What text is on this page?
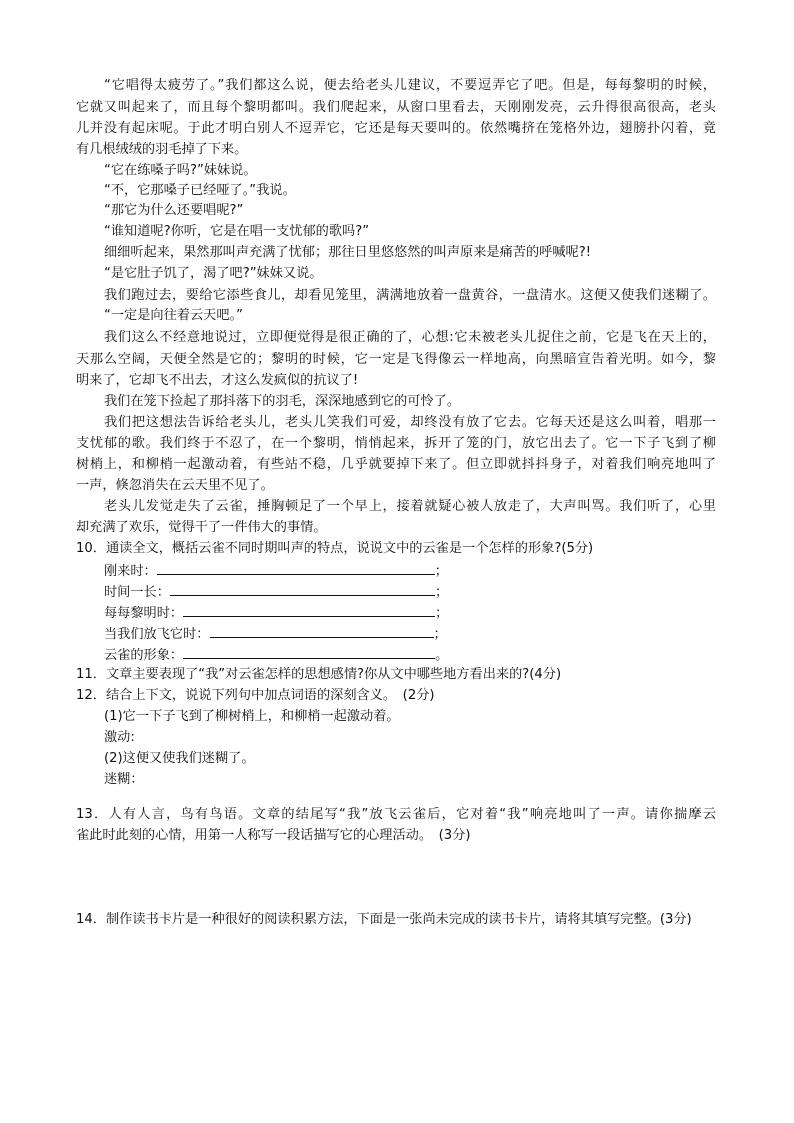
“它唱得太疲劳了。”我们都这么说，便去给老头儿建议，不要逗弄它了吧。但是，每每黎明的时候，
它就又叫起来了，而且每个黎明都叫。我们爬起来，从窗口里看去，天刚刚发亮，云升得很高很高，老头
儿并没有起床呢。于此才明白别人不逗弄它，它还是每天要叫的。依然嘴挤在笼格外边，翅膀扑闪着，竟
有几根绒绒的羽毛掉了下来。
“它在练嗓子吗?”妹妹说。
“不，它那嗓子已经哑了。”我说。
“那它为什么还要唱呢?”
“谁知道呢?你听，它是在唱一支忧郁的歌吗?”
细细听起来，果然那叫声充满了忧郁；那往日里悠悠然的叫声原来是痛苦的呼喊呢?!
“是它肚子饥了，渴了吧?”妹妹又说。
我们跑过去，要给它添些食儿，却看见笼里，满满地放着一盘黄谷，一盘清水。这便又使我们迷糊了。
“一定是向往着云天吧。”
我们这么不经意地说过，立即便觉得是很正确的了，心想:它未被老头儿捉住之前，它是飞在天上的，
天那么空阔，天便全然是它的；黎明的时候，它一定是飞得像云一样地高，向黑暗宣告着光明。如今，黎
明来了，它却飞不出去，才这么发疯似的抗议了!
我们在笼下捡起了那抖落下的羽毛，深深地感到它的可怜了。
我们把这想法告诉给老头儿，老头儿笑我们可爱，却终没有放了它去。它每天还是这么叫着，唱那一
支忧郁的歌。我们终于不忍了，在一个黎明，悄悄起来，拆开了笼的门，放它出去了。它一下子飞到了柳
树梢上，和柳梢一起激动着，有些站不稳，几乎就要掉下来了。但立即就抖抖身子，对着我们响亮地叫了
一声，倏忽消失在云天里不见了。
老头儿发觉走失了云雀，捶胸顿足了一个早上，接着就疑心被人放走了，大声叫骂。我们听了，心里
却充满了欢乐，觉得干了一件伟大的事情。
10．通读全文，概括云雀不同时期叫声的特点，说说文中的云雀是一个怎样的形象?(5分)
刚来时：	；
时间一长：	；
每每黎明时：	；
当我们放飞它时：	；
云雀的形象：	。
11．文章主要表现了“我”对云雀怎样的思想感情?你从文中哪些地方看出来的?(4分)
12．结合上下文，说说下列句中加点词语的深刻含义。　(2分)
(1)它一下子飞到了柳树梢上，和柳梢一起激动着。
激动:
(2)这便又使我们迷糊了。
迷糊：
13．人有人言，鸟有鸟语。文章的结尾写“我”放飞云雀后，它对着“我”响亮地叫了一声。请你揣摩云
雀此时此刻的心情，用第一人称写一段话描写它的心理活动。　(3分)
14．制作读书卡片是一种很好的阅读积累方法，下面是一张尚未完成的读书卡片，请将其填写完整。(3分)
